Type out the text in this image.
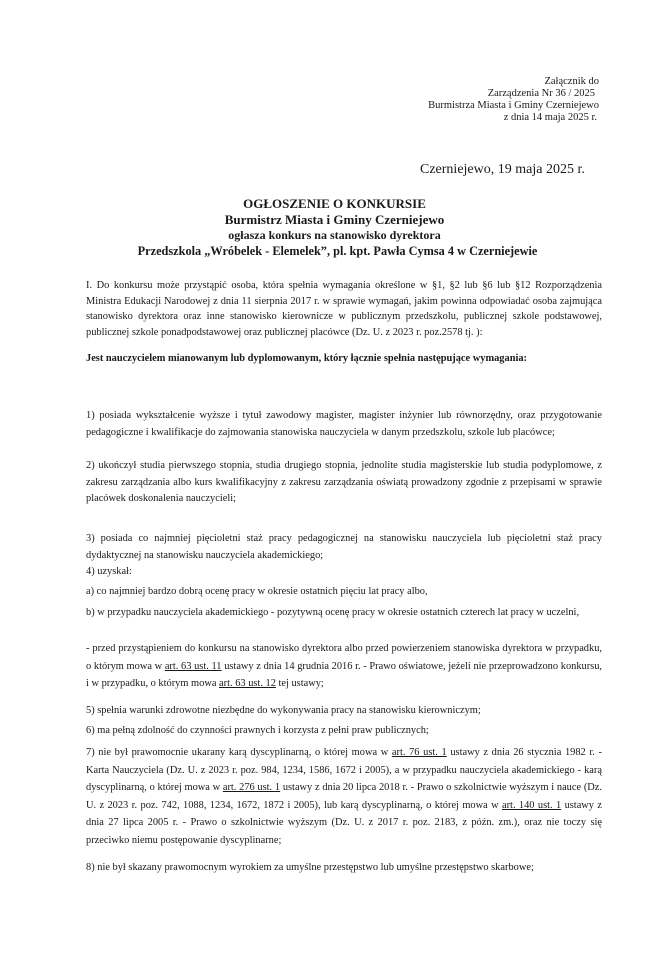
Załącznik do
Zarządzenia Nr 36 / 2025
Burmistrza Miasta i Gminy Czerniejewo
z dnia 14 maja 2025 r.
Czerniejewo, 19 maja 2025 r.
OGŁOSZENIE O KONKURSIE
Burmistrz Miasta i Gminy Czerniejewo
ogłasza konkurs na stanowisko dyrektora
Przedszkola „Wróbelek - Elemelek”, pl. kpt. Pawła Cymsa 4 w Czerniejewie
I. Do konkursu może przystąpić osoba, która spełnia wymagania określone w §1, §2 lub §6 lub §12 Rozporządzenia Ministra Edukacji Narodowej z dnia 11 sierpnia 2017 r. w sprawie wymagań, jakim powinna odpowiadać osoba zajmująca stanowisko dyrektora oraz inne stanowisko kierownicze w publicznym przedszkolu, publicznej szkole podstawowej, publicznej szkole ponadpodstawowej oraz publicznej placówce (Dz. U. z 2023 r. poz.2578 tj. ):
Jest nauczycielem mianowanym lub dyplomowanym, który łącznie spełnia następujące wymagania:
1) posiada wykształcenie wyższe i tytuł zawodowy magister, magister inżynier lub równorzędny, oraz przygotowanie pedagogiczne i kwalifikacje do zajmowania stanowiska nauczyciela w danym przedszkolu, szkole lub placówce;
2) ukończył studia pierwszego stopnia, studia drugiego stopnia, jednolite studia magisterskie lub studia podyplomowe, z zakresu zarządzania albo kurs kwalifikacyjny z zakresu zarządzania oświatą prowadzony zgodnie z przepisami w sprawie placówek doskonalenia nauczycieli;
3) posiada co najmniej pięcioletni staż pracy pedagogicznej na stanowisku nauczyciela lub pięcioletni staż pracy dydaktycznej na stanowisku nauczyciela akademickiego;
4) uzyskał:
a) co najmniej bardzo dobrą ocenę pracy w okresie ostatnich pięciu lat pracy albo,
b) w przypadku nauczyciela akademickiego - pozytywną ocenę pracy w okresie ostatnich czterech lat pracy w uczelni,
- przed przystąpieniem do konkursu na stanowisko dyrektora albo przed powierzeniem stanowiska dyrektora w przypadku, o którym mowa w art. 63 ust. 11 ustawy z dnia 14 grudnia 2016 r. - Prawo oświatowe, jeżeli nie przeprowadzono konkursu, i w przypadku, o którym mowa art. 63 ust. 12 tej ustawy;
5) spełnia warunki zdrowotne niezbędne do wykonywania pracy na stanowisku kierowniczym;
6) ma pełną zdolność do czynności prawnych i korzysta z pełni praw publicznych;
7) nie był prawomocnie ukarany karą dyscyplinarną, o której mowa w art. 76 ust. 1 ustawy z dnia 26 stycznia 1982 r. - Karta Nauczyciela (Dz. U. z 2023 r. poz. 984, 1234, 1586, 1672 i 2005), a w przypadku nauczyciela akademickiego - karą dyscyplinarną, o której mowa w art. 276 ust. 1 ustawy z dnia 20 lipca 2018 r. - Prawo o szkolnictwie wyższym i nauce (Dz. U. z 2023 r. poz. 742, 1088, 1234, 1672, 1872 i 2005), lub karą dyscyplinarną, o której mowa w art. 140 ust. 1 ustawy z dnia 27 lipca 2005 r. - Prawo o szkolnictwie wyższym (Dz. U. z 2017 r. poz. 2183, z późn. zm.), oraz nie toczy się przeciwko niemu postępowanie dyscyplinarne;
8) nie był skazany prawomocnym wyrokiem za umyślne przestępstwo lub umyślne przestępstwo skarbowe;
